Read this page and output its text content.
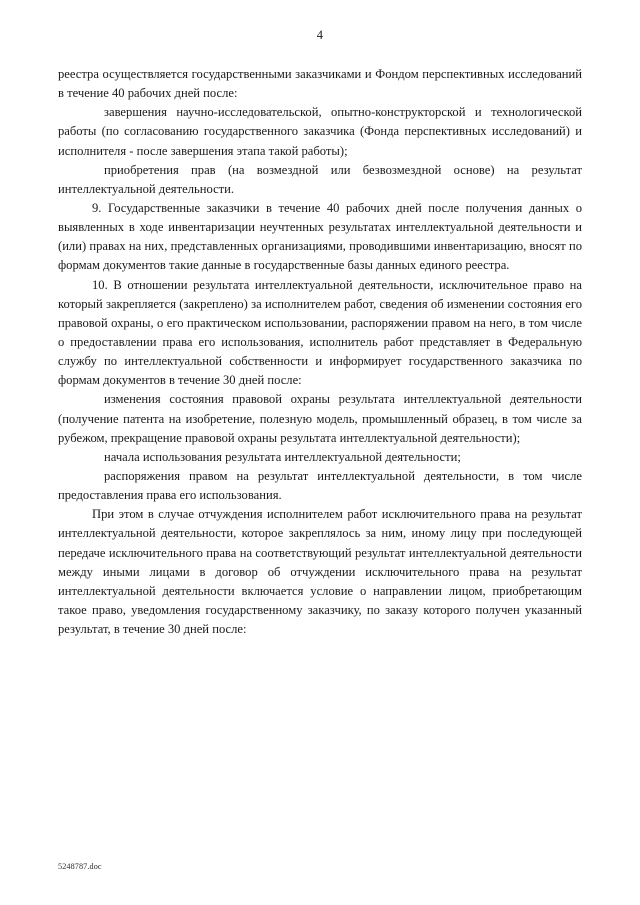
4

реестра осуществляется государственными заказчиками и Фондом перспективных исследований в течение 40 рабочих дней после:

завершения научно-исследовательской, опытно-конструкторской и технологической работы (по согласованию государственного заказчика (Фонда перспективных исследований) и исполнителя - после завершения этапа такой работы);

приобретения прав (на возмездной или безвозмездной основе) на результат интеллектуальной деятельности.

9. Государственные заказчики в течение 40 рабочих дней после получения данных о выявленных в ходе инвентаризации неучтенных результатах интеллектуальной деятельности и (или) правах на них, представленных организациями, проводившими инвентаризацию, вносят по формам документов такие данные в государственные базы данных единого реестра.

10. В отношении результата интеллектуальной деятельности, исключительное право на который закрепляется (закреплено) за исполнителем работ, сведения об изменении состояния его правовой охраны, о его практическом использовании, распоряжении правом на него, в том числе о предоставлении права его использования, исполнитель работ представляет в Федеральную службу по интеллектуальной собственности и информирует государственного заказчика по формам документов в течение 30 дней после:

изменения состояния правовой охраны результата интеллектуальной деятельности (получение патента на изобретение, полезную модель, промышленный образец, в том числе за рубежом, прекращение правовой охраны результата интеллектуальной деятельности);

начала использования результата интеллектуальной деятельности;

распоряжения правом на результат интеллектуальной деятельности, в том числе предоставления права его использования.

При этом в случае отчуждения исполнителем работ исключительного права на результат интеллектуальной деятельности, которое закреплялось за ним, иному лицу при последующей передаче исключительного права на соответствующий результат интеллектуальной деятельности между иными лицами в договор об отчуждении исключительного права на результат интеллектуальной деятельности включается условие о направлении лицом, приобретающим такое право, уведомления государственному заказчику, по заказу которого получен указанный результат, в течение 30 дней после:

5248787.doc
